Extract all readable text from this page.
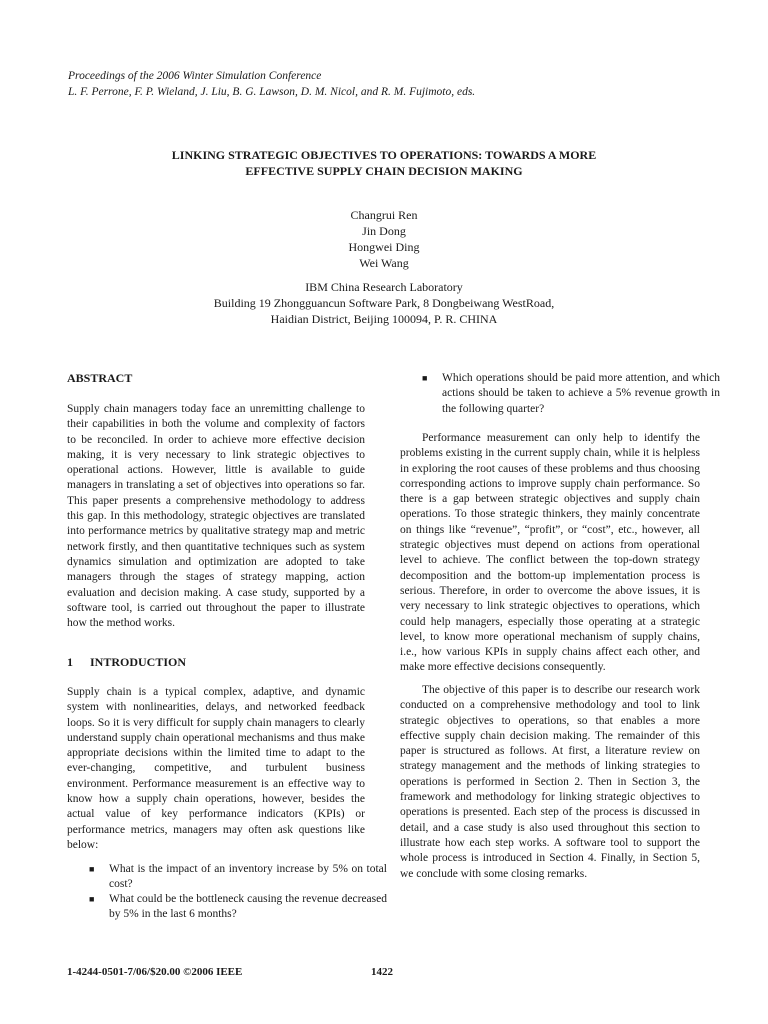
Proceedings of the 2006 Winter Simulation Conference
L. F. Perrone, F. P. Wieland, J. Liu, B. G. Lawson, D. M. Nicol, and R. M. Fujimoto, eds.
LINKING STRATEGIC OBJECTIVES TO OPERATIONS: TOWARDS A MORE
EFFECTIVE SUPPLY CHAIN DECISION MAKING
Changrui Ren
Jin Dong
Hongwei Ding
Wei Wang
IBM China Research Laboratory
Building 19 Zhongguancun Software Park, 8 Dongbeiwang WestRoad,
Haidian District, Beijing 100094, P. R. CHINA
ABSTRACT
Supply chain managers today face an unremitting challenge to their capabilities in both the volume and complexity of factors to be reconciled. In order to achieve more effective decision making, it is very necessary to link strategic objectives to operational actions. However, little is available to guide managers in translating a set of objectives into operations so far. This paper presents a comprehensive methodology to address this gap. In this methodology, strategic objectives are translated into performance metrics by qualitative strategy map and metric network firstly, and then quantitative techniques such as system dynamics simulation and optimization are adopted to take managers through the stages of strategy mapping, action evaluation and decision making. A case study, supported by a software tool, is carried out throughout the paper to illustrate how the method works.
1 INTRODUCTION
Supply chain is a typical complex, adaptive, and dynamic system with nonlinearities, delays, and networked feedback loops. So it is very difficult for supply chain managers to clearly understand supply chain operational mechanisms and thus make appropriate decisions within the limited time to adapt to the ever-changing, competitive, and turbulent business environment. Performance measurement is an effective way to know how a supply chain operations, however, besides the actual value of key performance indicators (KPIs) or performance metrics, managers may often ask questions like below:
■ What is the impact of an inventory increase by 5% on total cost?
■ What could be the bottleneck causing the revenue decreased by 5% in the last 6 months?
■ Which operations should be paid more attention, and which actions should be taken to achieve a 5% revenue growth in the following quarter?
Performance measurement can only help to identify the problems existing in the current supply chain, while it is helpless in exploring the root causes of these problems and thus choosing corresponding actions to improve supply chain performance. So there is a gap between strategic objectives and supply chain operations. To those strategic thinkers, they mainly concentrate on things like “revenue”, “profit”, or “cost”, etc., however, all strategic objectives must depend on actions from operational level to achieve. The conflict between the top-down strategy decomposition and the bottom-up implementation process is serious. Therefore, in order to overcome the above issues, it is very necessary to link strategic objectives to operations, which could help managers, especially those operating at a strategic level, to know more operational mechanism of supply chains, i.e., how various KPIs in supply chains affect each other, and make more effective decisions consequently.
The objective of this paper is to describe our research work conducted on a comprehensive methodology and tool to link strategic objectives to operations, so that enables a more effective supply chain decision making. The remainder of this paper is structured as follows. At first, a literature review on strategy management and the methods of linking strategies to operations is performed in Section 2. Then in Section 3, the framework and methodology for linking strategic objectives to operations is presented. Each step of the process is discussed in detail, and a case study is also used throughout this section to illustrate how each step works. A software tool to support the whole process is introduced in Section 4. Finally, in Section 5, we conclude with some closing remarks.
1-4244-0501-7/06/$20.00 ©2006 IEEE	1422
